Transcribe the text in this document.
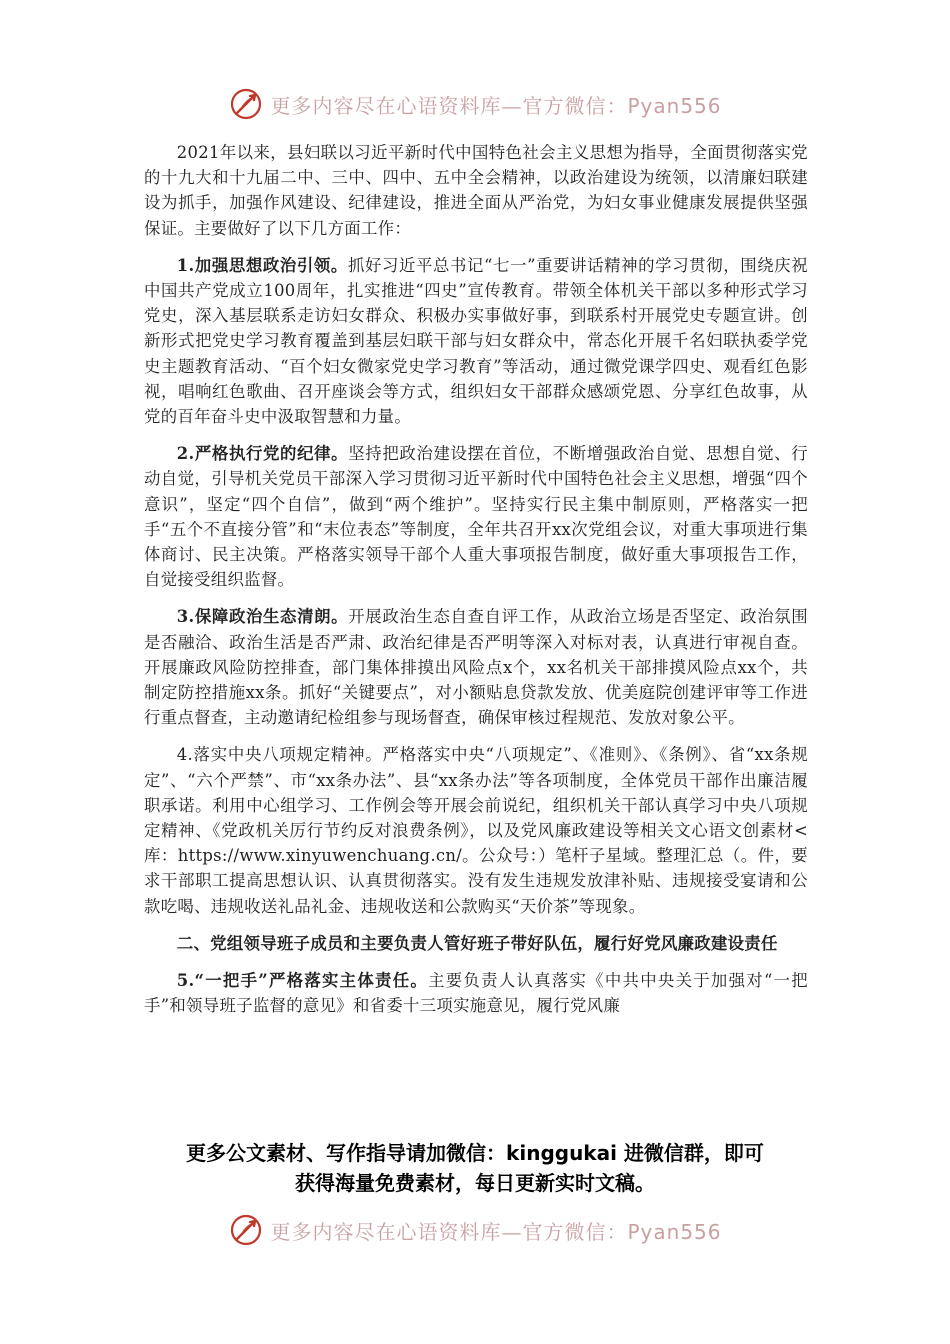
更多内容尽在心语资料库—官方微信：Pyan556

2021年以来，县妇联以习近平新时代中国特色社会主义思想为指导，全面贯彻落实党的十九大和十九届二中、三中、四中、五中全会精神，以政治建设为统领，以清廉妇联建设为抓手，加强作风建设、纪律建设，推进全面从严治党，为妇女事业健康发展提供坚强保证。主要做好了以下几方面工作：

1.加强思想政治引领。抓好习近平总书记“七一”重要讲话精神的学习贯彻，围绕庆祝中国共产党成立100周年，扎实推进“四史”宣传教育。带领全体机关干部以多种形式学习党史，深入基层联系走访妇女群众、积极办实事做好事，到联系村开展党史专题宣讲。创新形式把党史学习教育覆盖到基层妇联干部与妇女群众中，常态化开展千名妇联执委学党史主题教育活动、“百个妇女微家党史学习教育”等活动，通过微党课学四史、观看红色影视，唱响红色歌曲、召开座谈会等方式，组织妇女干部群众感颂党恩、分享红色故事，从党的百年奋斗史中汲取智慧和力量。

2.严格执行党的纪律。坚持把政治建设摆在首位，不断增强政治自觉、思想自觉、行动自觉，引导机关党员干部深入学习贯彻习近平新时代中国特色社会主义思想，增强“四个意识”，坚定“四个自信”，做到“两个维护”。坚持实行民主集中制原则，严格落实一把手“五个不直接分管”和“末位表态”等制度，全年共召开xx次党组会议，对重大事项进行集体商讨、民主决策。严格落实领导干部个人重大事项报告制度，做好重大事项报告工作，自觉接受组织监督。

3.保障政治生态清朗。开展政治生态自查自评工作，从政治立场是否坚定、政治氛围是否融洽、政治生活是否严肃、政治纪律是否严明等深入对标对表，认真进行审视自查。开展廉政风险防控排查，部门集体排摸出风险点x个，xx名机关干部排摸风险点xx个，共制定防控措施xx条。抓好“关键要点”，对小额贴息贷款发放、优美庭院创建评审等工作进行重点督查，主动邀请纪检组参与现场督查，确保审核过程规范、发放对象公平。

4.落实中央八项规定精神。严格落实中央“八项规定”、《准则》、《条例》、省“xx条规定”、“六个严禁”、市“xx条办法”、县“xx条办法”等各项制度，全体党员干部作出廉洁履职承诺。利用中心组学习、工作例会等开展会前说纪，组织机关干部认真学习中央八项规定精神、《党政机关厉行节约反对浪费条例》，以及党风廉政建设等相关文心语文创素材<库：https://www.xinyuwenchuang.cn/。公众号：）笔杆子星域。整理汇总（。件，要求干部职工提高思想认识、认真贯彻落实。没有发生违规发放津补贴、违规接受宴请和公款吃喝、违规收送礼品礼金、违规收送和公款购买“天价茶”等现象。

二、党组领导班子成员和主要负责人管好班子带好队伍，履行好党风廉政建设责任

5.“一把手”严格落实主体责任。主要负责人认真落实《中共中央关于加强对“一把手”和领导班子监督的意见》和省委十三项实施意见，履行党风廉

更多公文素材、写作指导请加微信：kinggukai 进微信群，即可
获得海量免费素材，每日更新实时文稿。
更多内容尽在心语资料库—官方微信：Pyan556
